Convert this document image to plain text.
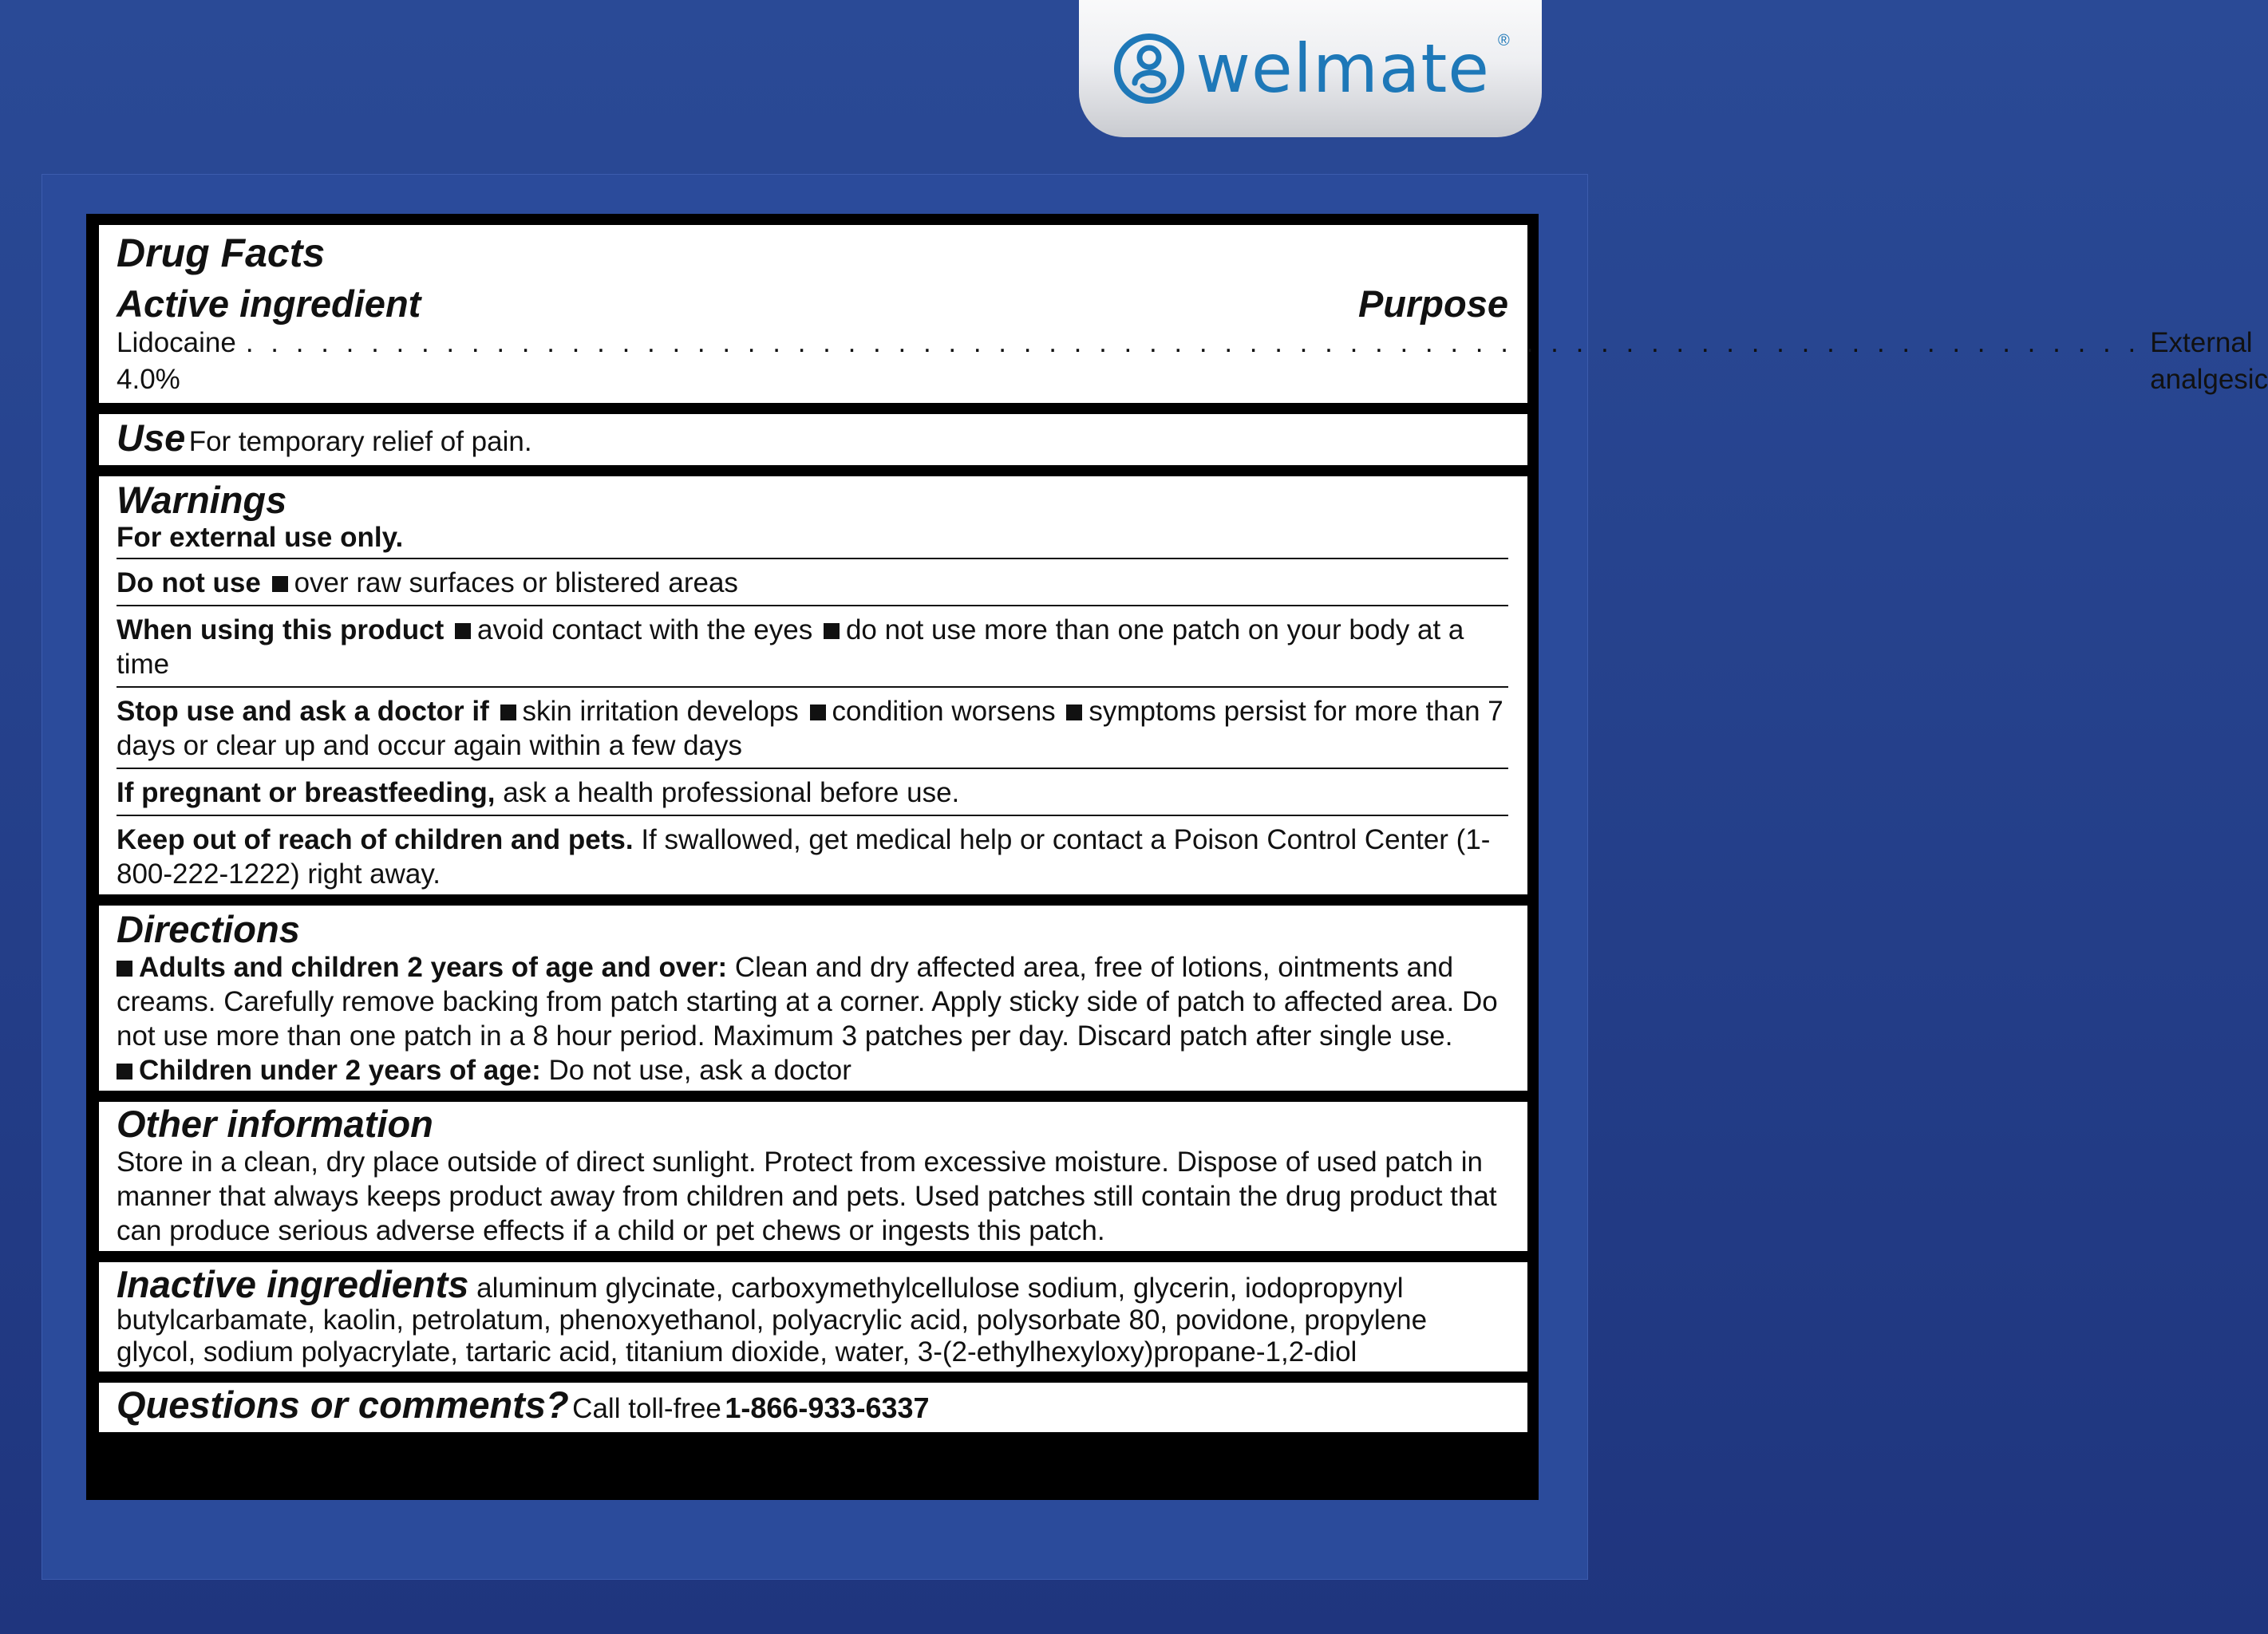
welmate ®
Drug Facts
Active ingredient	Purpose
Lidocaine 4.0%
. . . . . . . . . . . . . . . . . . . . . . . . . . . . . . . . . . . . . . . . . . . . . . . . . . . . . . . . . . . . . . . . . . . . . . . . . . . . External analgesic
Use For temporary relief of pain.
Warnings
For external use only.
Do not use over raw surfaces or blistered areas
When using this product avoid contact with the eyes do not use more than one patch on your body at a time
Stop use and ask a doctor if skin irritation develops condition worsens symptoms persist for more than 7 days or clear up and occur again within a few days
If pregnant or breastfeeding, ask a health professional before use.
Keep out of reach of children and pets. If swallowed, get medical help or contact a Poison Control Center (1-800-222-1222) right away.
Directions
Adults and children 2 years of age and over: Clean and dry affected area, free of lotions, ointments and creams. Carefully remove backing from patch starting at a corner. Apply sticky side of patch to affected area. Do not use more than one patch in a 8 hour period. Maximum 3 patches per day. Discard patch after single use.
Children under 2 years of age: Do not use, ask a doctor
Other information
Store in a clean, dry place outside of direct sunlight. Protect from excessive moisture. Dispose of used patch in manner that always keeps product away from children and pets. Used patches still contain the drug product that can produce serious adverse effects if a child or pet chews or ingests this patch.
Inactive ingredients aluminum glycinate, carboxymethylcellulose sodium, glycerin, iodopropynyl butylcarbamate, kaolin, petrolatum, phenoxyethanol, polyacrylic acid, polysorbate 80, povidone, propylene glycol, sodium polyacrylate, tartaric acid, titanium dioxide, water, 3-(2-ethylhexyloxy)propane-1,2-diol
Questions or comments? Call toll-free 1-866-933-6337
